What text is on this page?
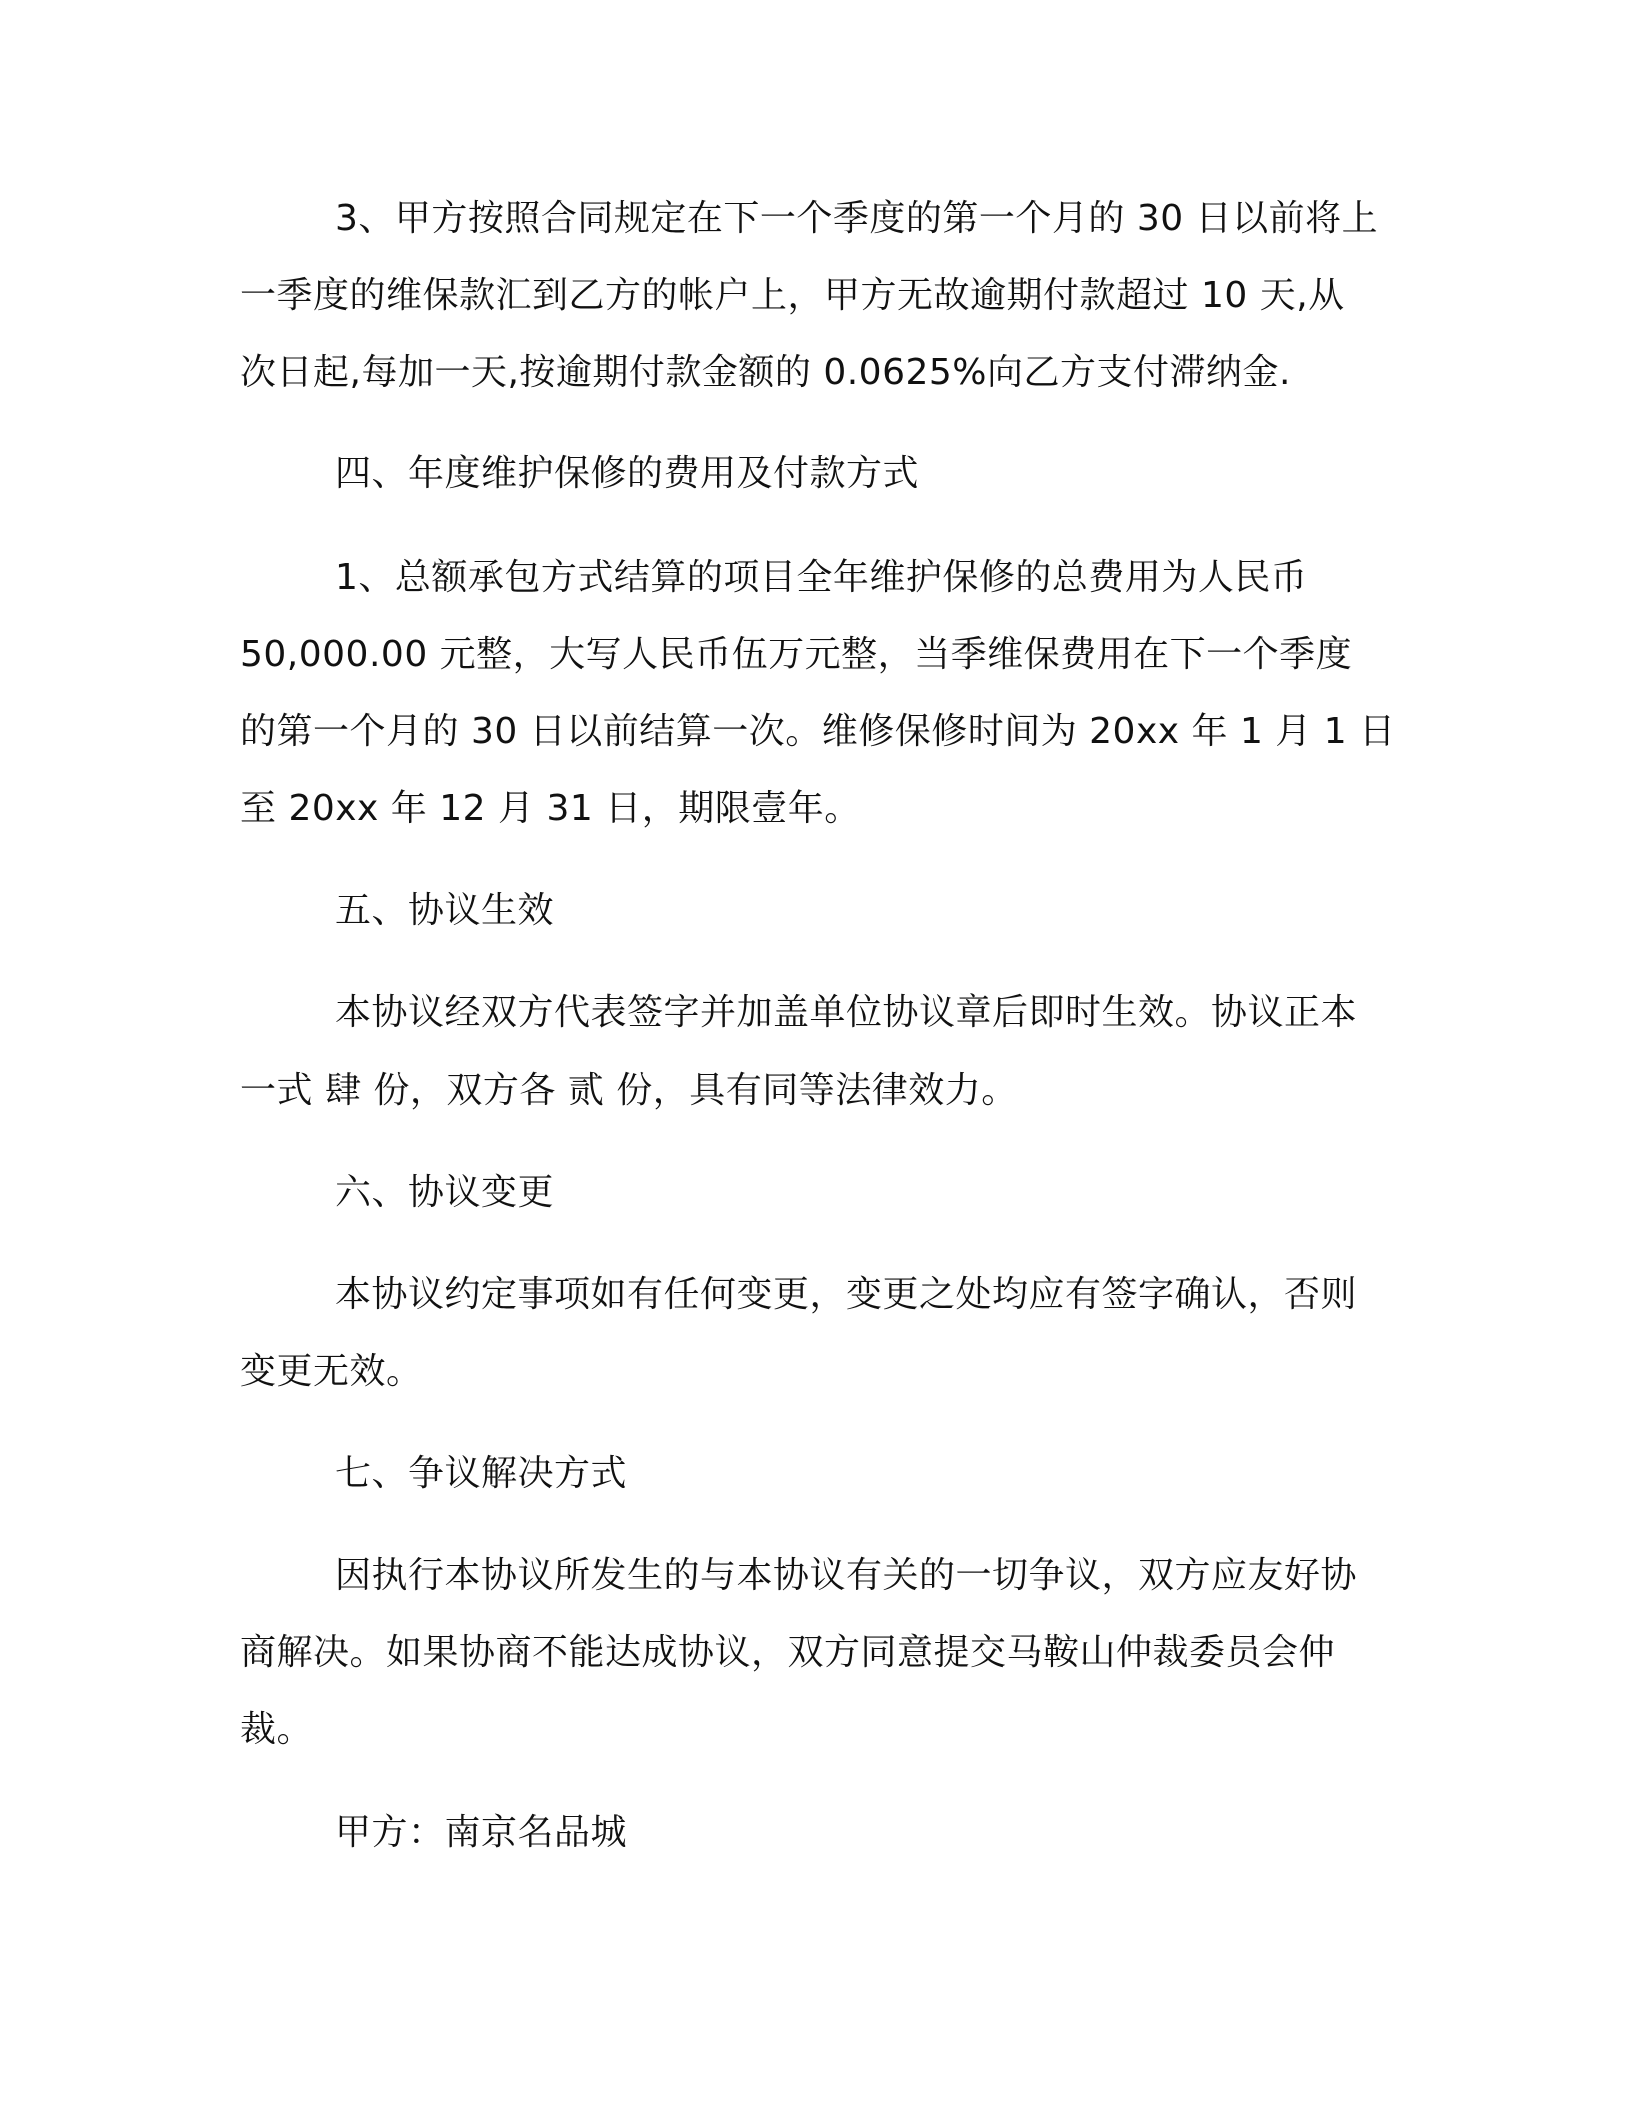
3、甲方按照合同规定在下一个季度的第一个月的 30 日以前将上
一季度的维保款汇到乙方的帐户上，甲方无故逾期付款超过 10 天,从
次日起,每加一天,按逾期付款金额的 0.0625%向乙方支付滞纳金.
四、年度维护保修的费用及付款方式
1、总额承包方式结算的项目全年维护保修的总费用为人民币
50,000.00 元整，大写人民币伍万元整，当季维保费用在下一个季度
的第一个月的 30 日以前结算一次。维修保修时间为 20xx 年 1 月 1 日
至 20xx 年 12 月 31 日，期限壹年。
五、协议生效
本协议经双方代表签字并加盖单位协议章后即时生效。协议正本
一式 肆 份，双方各 贰 份，具有同等法律效力。
六、协议变更
本协议约定事项如有任何变更，变更之处均应有签字确认，否则
变更无效。
七、争议解决方式
因执行本协议所发生的与本协议有关的一切争议，双方应友好协
商解决。如果协商不能达成协议，双方同意提交马鞍山仲裁委员会仲
裁。
甲方：南京名品城
